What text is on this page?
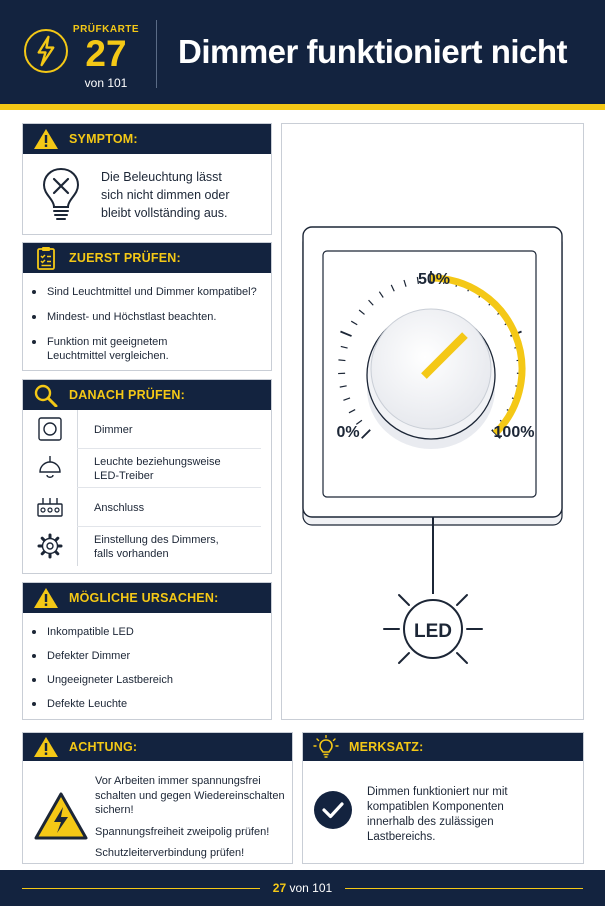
PRÜFKARTE
27
von 101
Dimmer funktioniert nicht
SYMPTOM:
Die Beleuchtung lässt
sich nicht dimmen oder
bleibt vollständing aus.
ZUERST PRÜFEN:
Sind Leuchtmittel und Dimmer kompatibel?
Mindest- und Höchstlast beachten.
Funktion mit geeignetem
Leuchtmittel vergleichen.
DANACH PRÜFEN:
Dimmer
Leuchte beziehungsweise
LED-Treiber
Anschluss
Einstellung des Dimmers,
falls vorhanden
MÖGLICHE URSACHEN:
Inkompatible LED
Defekter Dimmer
Ungeeigneter Lastbereich
Defekte Leuchte
50%
0%	100%
LED
ACHTUNG:
Vor Arbeiten immer spannungsfrei
schalten und gegen Wiedereinschalten
sichern!
Spannungsfreiheit zweipolig prüfen!
Schutzleiterverbindung prüfen!
MERKSATZ:
Dimmen funktioniert nur mit
kompatiblen Komponenten
innerhalb des zulässigen
Lastbereichs.
27 von 101
